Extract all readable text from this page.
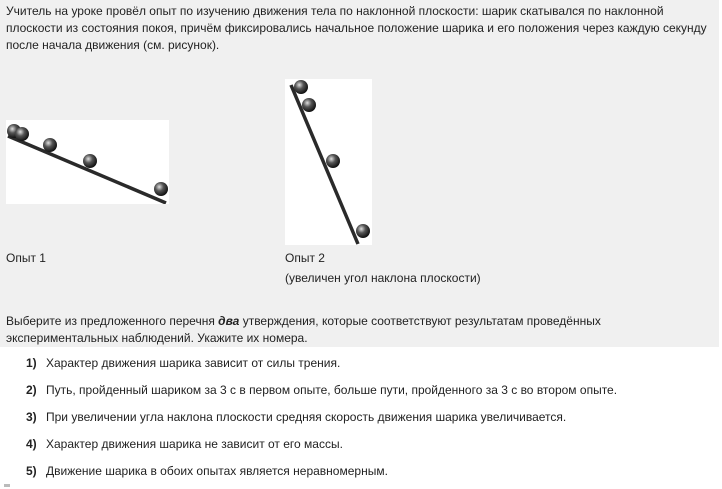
Учитель на уроке провёл опыт по изучению движения тела по наклонной плоскости: шарик скатывался по наклонной плоскости из состояния покоя, причём фиксировались начальное положение шарика и его положения через каждую секунду после начала движения (см. рисунок).

Опыт 1	Опыт 2
(увеличен угол наклона плоскости)

Выберите из предложенного перечня два утверждения, которые соответствуют результатам проведённых экспериментальных наблюдений. Укажите их номера.

1) Характер движения шарика зависит от силы трения.
2) Путь, пройденный шариком за 3 с в первом опыте, больше пути, пройденного за 3 с во втором опыте.
3) При увеличении угла наклона плоскости средняя скорость движения шарика увеличивается.
4) Характер движения шарика не зависит от его массы.
5) Движение шарика в обоих опытах является неравномерным.
